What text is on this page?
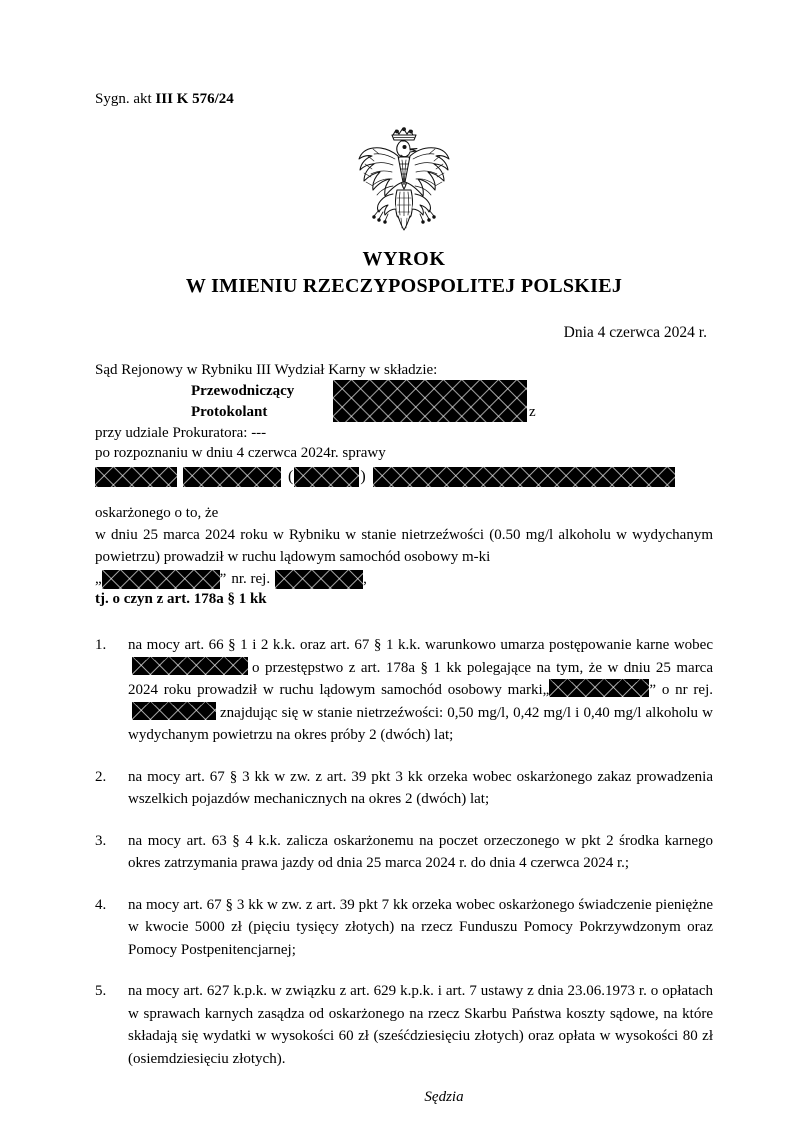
Sygn. akt III K 576/24
WYROK
W IMIENIU RZECZYPOSPOLITEJ POLSKIEJ
Dnia 4 czerwca 2024 r.
Sąd Rejonowy w Rybniku III Wydział Karny w składzie:
Przewodniczący
Protokolant	z
przy udziale Prokuratora: ---
po rozpoznaniu w dniu 4 czerwca 2024r. sprawy
(	)
oskarżonego o to, że
w dniu 25 marca 2024 roku w Rybniku w stanie nietrzeźwości (0.50 mg/l alkoholu w wydychanym powietrzu) prowadził w ruchu lądowym samochód osobowy m-ki
„	” nr. rej.	,
tj. o czyn z art. 178a § 1 kk
1.	na mocy art. 66 § 1 i 2 k.k. oraz art. 67 § 1 k.k. warunkowo umarza postępowanie karne wobeco przestępstwo z art. 178a § 1 kk polegające na tym, że w dniu 25 marca 2024 roku prowadził w ruchu lądowym samochód osobowy marki„	” o nr rej.znajdując się w stanie nietrzeźwości: 0,50 mg/l, 0,42 mg/l i 0,40 mg/l alkoholu w wydychanym powietrzu na okres próby 2 (dwóch) lat;
2.	na mocy art. 67 § 3 kk w zw. z art. 39 pkt 3 kk orzeka wobec oskarżonego zakaz prowadzenia wszelkich pojazdów mechanicznych na okres 2 (dwóch) lat;
3.	na mocy art. 63 § 4 k.k. zalicza oskarżonemu na poczet orzeczonego w pkt 2 środka karnego okres zatrzymania prawa jazdy od dnia 25 marca 2024 r. do dnia 4 czerwca 2024 r.;
4.	na mocy art. 67 § 3 kk w zw. z art. 39 pkt 7 kk orzeka wobec oskarżonego świadczenie pieniężne w kwocie 5000 zł (pięciu tysięcy złotych) na rzecz Funduszu Pomocy Pokrzywdzonym oraz Pomocy Postpenitencjarnej;
5.	na mocy art. 627 k.p.k. w związku z art. 629 k.p.k. i art. 7 ustawy z dnia 23.06.1973 r. o opłatach w sprawach karnych zasądza od oskarżonego na rzecz Skarbu Państwa koszty sądowe, na które składają się wydatki w wysokości 60 zł (sześćdziesięciu złotych) oraz opłata w wysokości 80 zł (osiemdziesięciu złotych).
Sędzia
